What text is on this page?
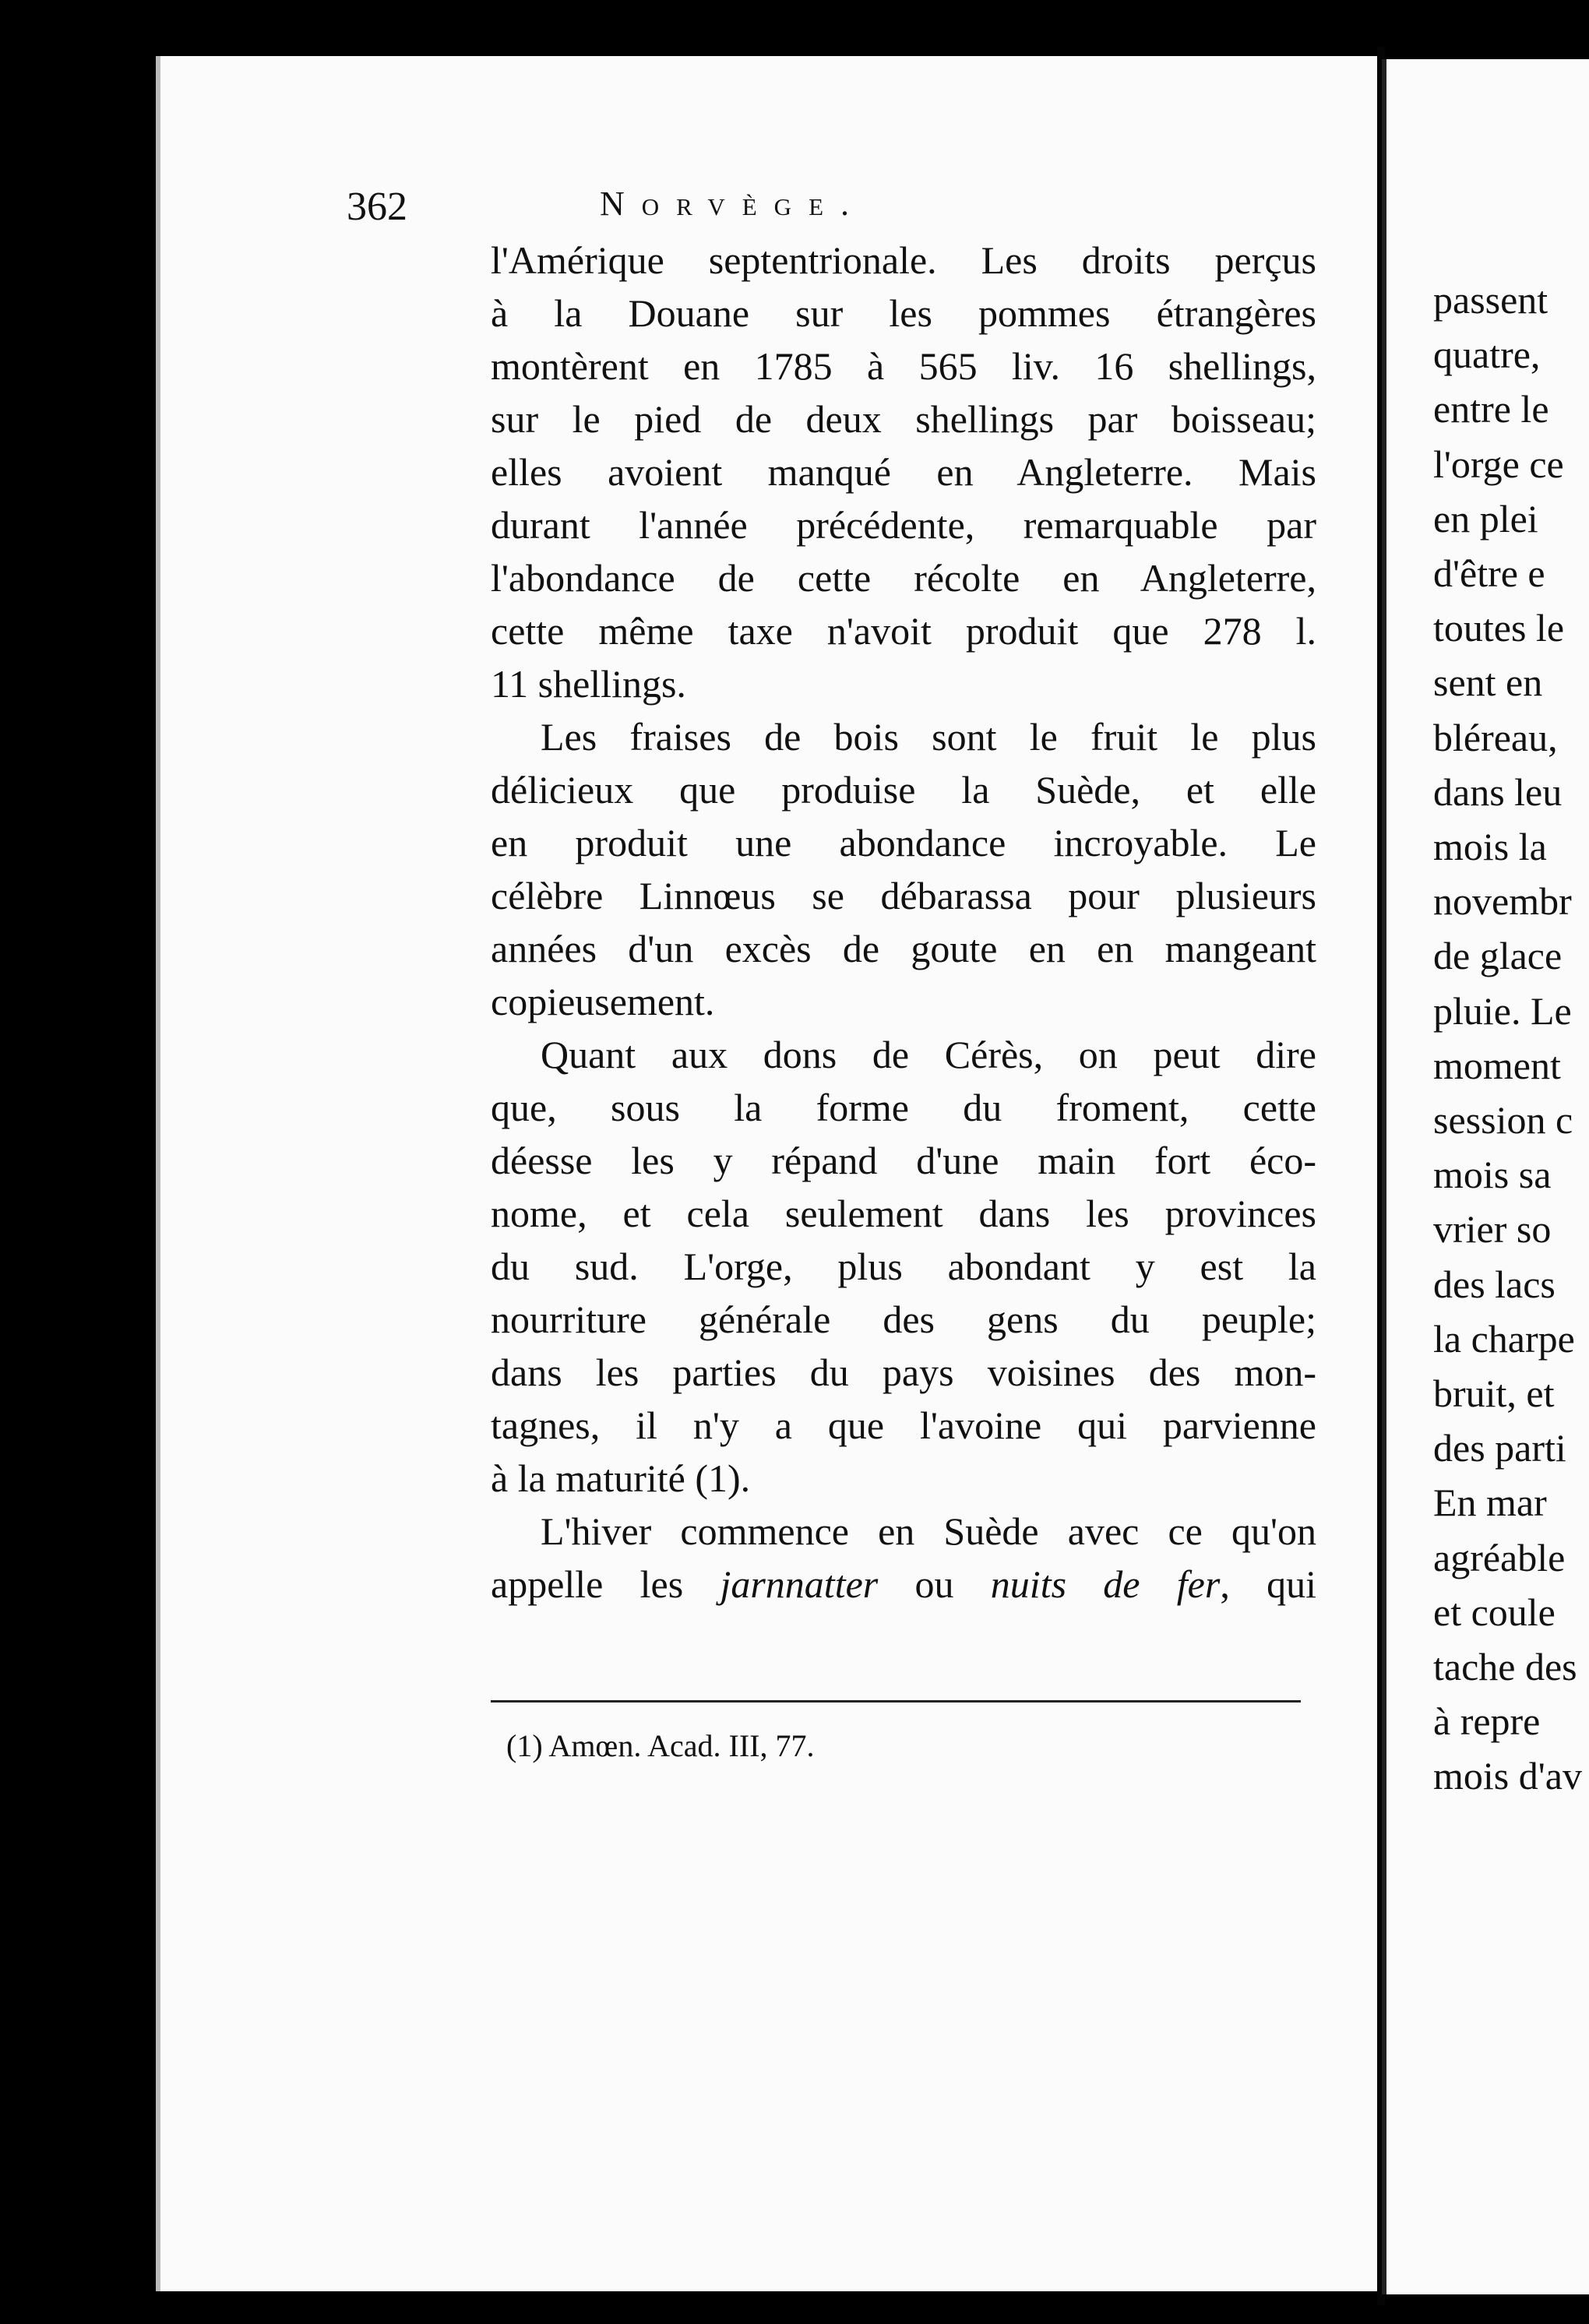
362	Norvège.
l'Amérique septentrionale. Les droits perçus
à la Douane sur les pommes étrangères
montèrent en 1785 à 565 liv. 16 shellings,
sur le pied de deux shellings par boisseau;
elles avoient manqué en Angleterre. Mais
durant l'année précédente, remarquable par
l'abondance de cette récolte en Angleterre,
cette même taxe n'avoit produit que 278 l.
11 shellings.
Les fraises de bois sont le fruit le plus
délicieux que produise la Suède, et elle
en produit une abondance incroyable. Le
célèbre Linnœus se débarassa pour plusieurs
années d'un excès de goute en en mangeant
copieusement.
Quant aux dons de Cérès, on peut dire
que, sous la forme du froment, cette
déesse les y répand d'une main fort éco-
nome, et cela seulement dans les provinces
du sud. L'orge, plus abondant y est la
nourriture générale des gens du peuple;
dans les parties du pays voisines des mon-
tagnes, il n'y a que l'avoine qui parvienne
à la maturité (1).
L'hiver commence en Suède avec ce qu'on
appelle les jarnnatter ou nuits de fer, qui
(1) Amœn. Acad. III, 77.
passent
quatre,
entre le
l'orge ce
en plei
d'être e
toutes le
sent en
bléreau,
dans leu
mois la
novembr
de glace
pluie. Le
moment
session c
mois sa
vrier so
des lacs
la charpe
bruit, et
des parti
En mar
agréable
et coule
tache des
à repre
mois d'av
